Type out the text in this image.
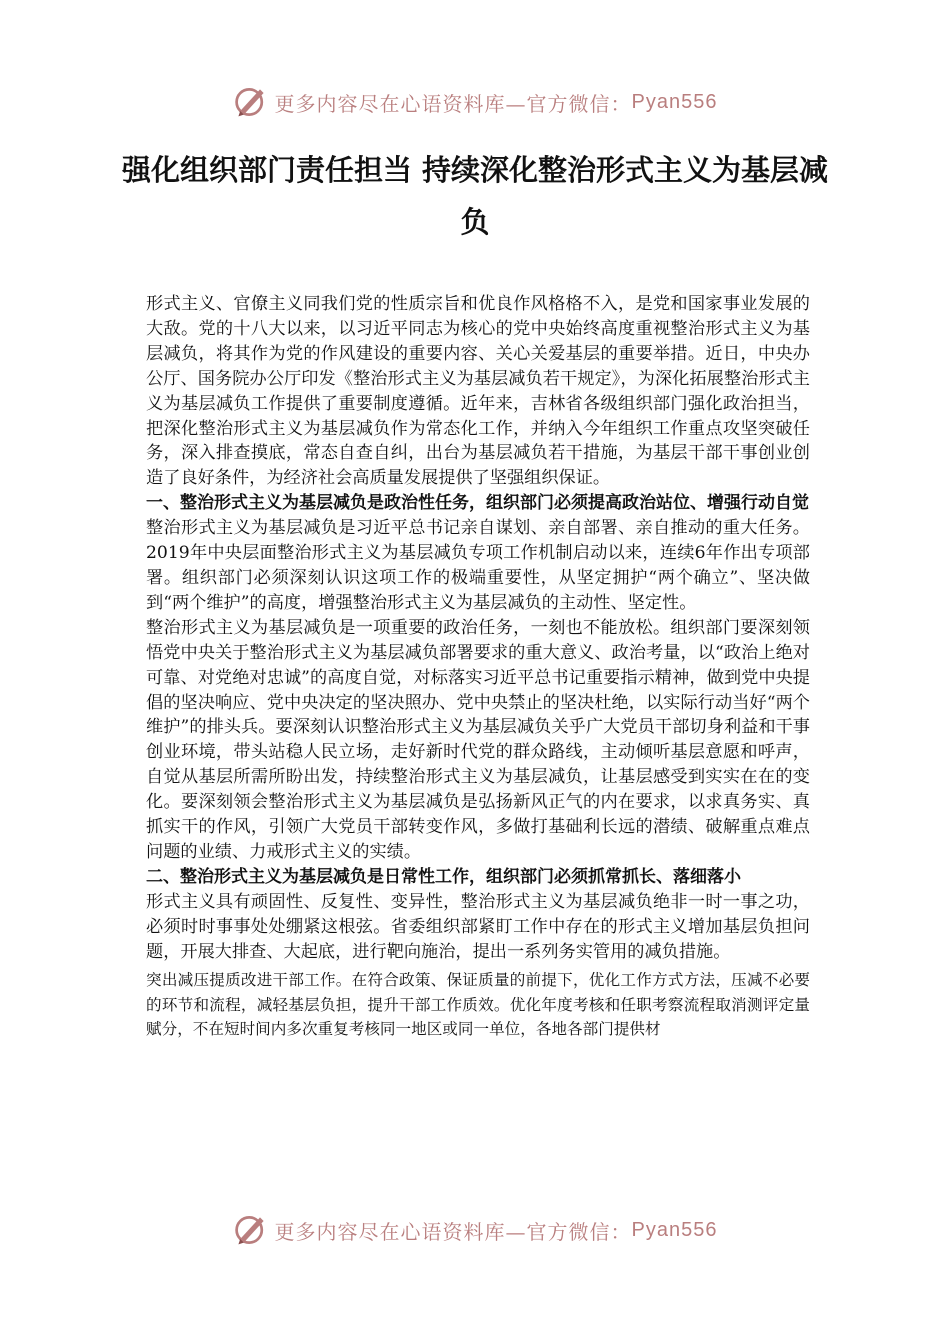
更多内容尽在心语资料库—官方微信： Pyan556
强化组织部门责任担当 持续深化整治形式主义为基层减负

形式主义、官僚主义同我们党的性质宗旨和优良作风格格不入，是党和国家事业发展的大敌。党的十八大以来，以习近平同志为核心的党中央始终高度重视整治形式主义为基层减负，将其作为党的作风建设的重要内容、关心关爱基层的重要举措。近日，中央办公厅、国务院办公厅印发《整治形式主义为基层减负若干规定》，为深化拓展整治形式主义为基层减负工作提供了重要制度遵循。近年来，吉林省各级组织部门强化政治担当，把深化整治形式主义为基层减负作为常态化工作，并纳入今年组织工作重点攻坚突破任务，深入排查摸底，常态自查自纠，出台为基层减负若干措施，为基层干部干事创业创造了良好条件，为经济社会高质量发展提供了坚强组织保证。

一、整治形式主义为基层减负是政治性任务，组织部门必须提高政治站位、增强行动自觉

整治形式主义为基层减负是习近平总书记亲自谋划、亲自部署、亲自推动的重大任务。2019年中央层面整治形式主义为基层减负专项工作机制启动以来，连续6年作出专项部署。组织部门必须深刻认识这项工作的极端重要性，从坚定拥护“两个确立”、坚决做到“两个维护”的高度，增强整治形式主义为基层减负的主动性、坚定性。

整治形式主义为基层减负是一项重要的政治任务，一刻也不能放松。组织部门要深刻领悟党中央关于整治形式主义为基层减负部署要求的重大意义、政治考量，以“政治上绝对可靠、对党绝对忠诚”的高度自觉，对标落实习近平总书记重要指示精神，做到党中央提倡的坚决响应、党中央决定的坚决照办、党中央禁止的坚决杜绝，以实际行动当好“两个维护”的排头兵。要深刻认识整治形式主义为基层减负关乎广大党员干部切身利益和干事创业环境，带头站稳人民立场，走好新时代党的群众路线，主动倾听基层意愿和呼声，自觉从基层所需所盼出发，持续整治形式主义为基层减负，让基层感受到实实在在的变化。要深刻领会整治形式主义为基层减负是弘扬新风正气的内在要求，以求真务实、真抓实干的作风，引领广大党员干部转变作风，多做打基础利长远的潜绩、破解重点难点问题的业绩、力戒形式主义的实绩。

二、整治形式主义为基层减负是日常性工作，组织部门必须抓常抓长、落细落小

形式主义具有顽固性、反复性、变异性，整治形式主义为基层减负绝非一时一事之功，必须时时事事处处绷紧这根弦。省委组织部紧盯工作中存在的形式主义增加基层负担问题，开展大排查、大起底，进行靶向施治，提出一系列务实管用的减负措施。

突出减压提质改进干部工作。在符合政策、保证质量的前提下，优化工作方式方法，压减不必要的环节和流程，减轻基层负担，提升干部工作质效。优化年度考核和任职考察流程取消测评定量赋分，不在短时间内多次重复考核同一地区或同一单位，各地各部门提供材

更多内容尽在心语资料库—官方微信： Pyan556
